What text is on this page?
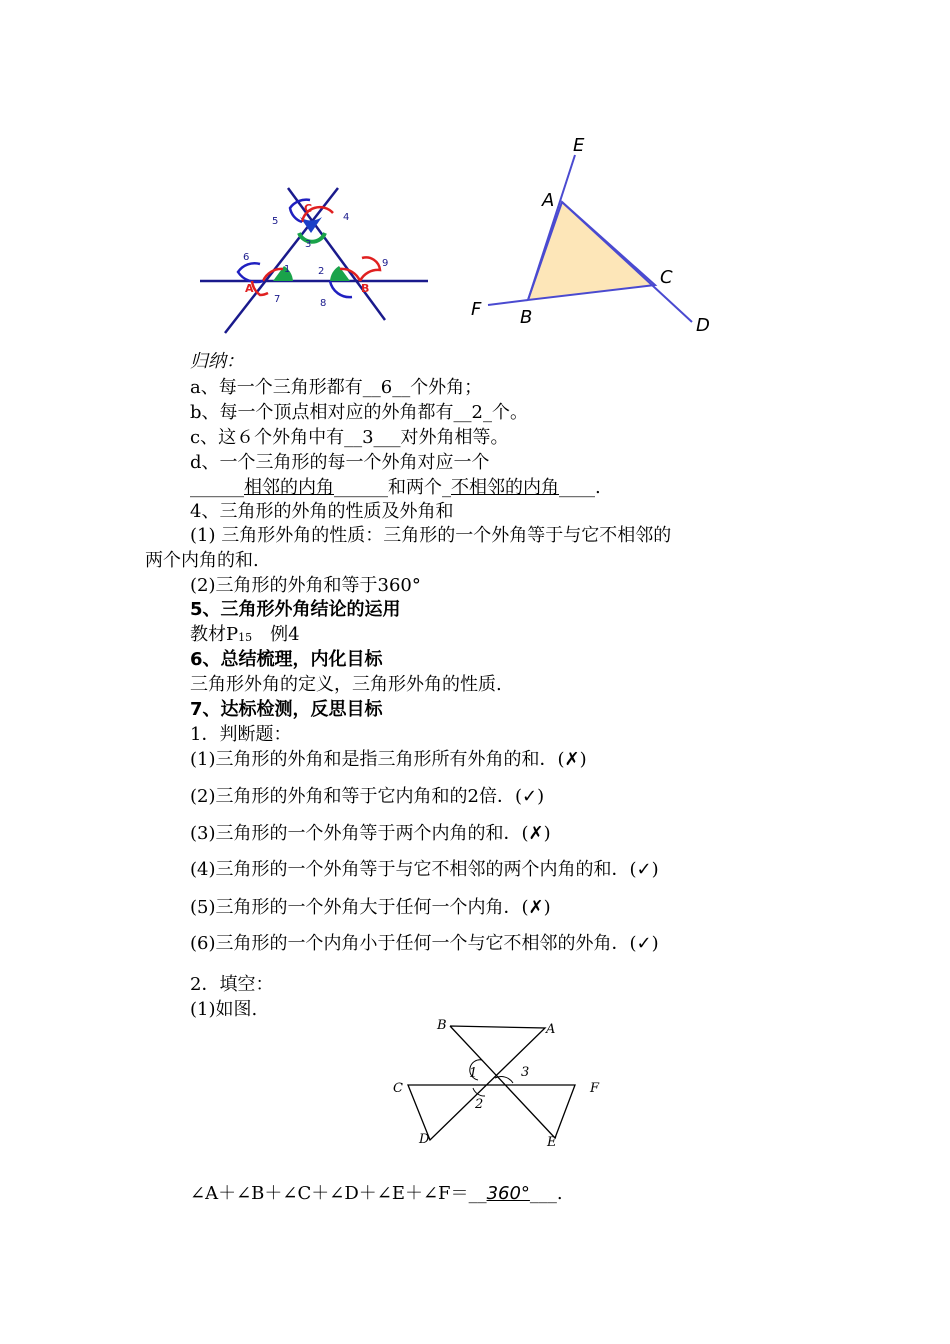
C
A	B
1	2
3
4
5
6
7	8
9
E
A
C
F B	D
归纳：
a、每一个三角形都有__6__个外角；
b、每一个顶点相对应的外角都有__2_个。
c、这６个外角中有__3___对外角相等。
d、一个三角形的每一个外角对应一个
______相邻的内角______和两个_不相邻的内角____.
4、三角形的外角的性质及外角和
(1) 三角形外角的性质：三角形的一个外角等于与它不相邻的
两个内角的和.
(2)三角形的外角和等于360°
5、三角形外角结论的运用
教材$P_{15}$　例4
6、总结梳理，内化目标
三角形外角的定义，三角形外角的性质.
7、达标检测，反思目标
1．判断题：
(1)三角形的外角和是指三角形所有外角的和．(✗)
(2)三角形的外角和等于它内角和的2倍．(✓)
(3)三角形的一个外角等于两个内角的和．(✗)
(4)三角形的一个外角等于与它不相邻的两个内角的和．(✓)
(5)三角形的一个外角大于任何一个内角．(✗)
(6)三角形的一个内角小于任何一个与它不相邻的外角．(✓)
2．填空：
(1)如图.
B	A
1	3
C	F
2
D	E
∠A＋∠B＋∠C＋∠D＋∠E＋∠F＝__360°___.
